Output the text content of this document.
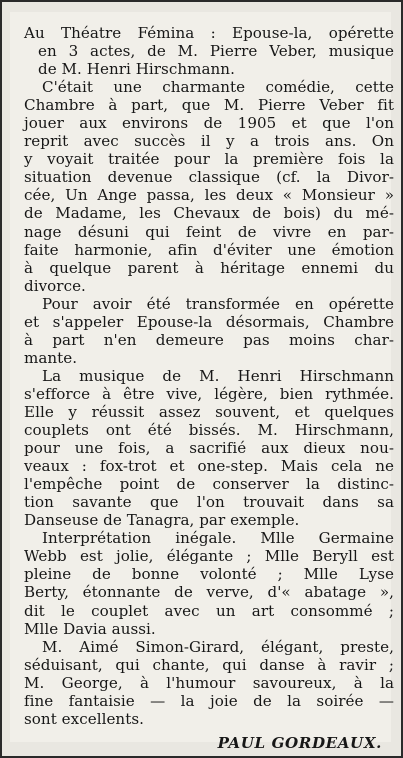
Au Théatre Fémina : Epouse-la, opérette
en 3 actes, de M. Pierre Veber, musique
de M. Henri Hirschmann.
C'était une charmante comédie, cette
Chambre à part, que M. Pierre Veber fit
jouer aux environs de 1905 et que l'on
reprit avec succès il y a trois ans. On
y voyait traitée pour la première fois la
situation devenue classique (cf. la Divor-
cée, Un Ange passa, les deux « Monsieur »
de Madame, les Chevaux de bois) du mé-
nage désuni qui feint de vivre en par-
faite harmonie, afin d'éviter une émotion
à quelque parent à héritage ennemi du
divorce.
Pour avoir été transformée en opérette
et s'appeler Epouse-la désormais, Chambre
à part n'en demeure pas moins char-
mante.
La musique de M. Henri Hirschmann
s'efforce à être vive, légère, bien rythmée.
Elle y réussit assez souvent, et quelques
couplets ont été bissés. M. Hirschmann,
pour une fois, a sacrifié aux dieux nou-
veaux : fox-trot et one-step. Mais cela ne
l'empêche point de conserver la distinc-
tion savante que l'on trouvait dans sa
Danseuse de Tanagra, par exemple.
Interprétation inégale. Mlle Germaine
Webb est jolie, élégante ; Mlle Beryll est
pleine de bonne volonté ; Mlle Lyse
Berty, étonnante de verve, d'« abatage »,
dit le couplet avec un art consommé ;
Mlle Davia aussi.
M. Aimé Simon-Girard, élégant, preste,
séduisant, qui chante, qui danse à ravir ;
M. George, à l'humour savoureux, à la
fine fantaisie — la joie de la soirée —
sont excellents.
PAUL GORDEAUX.
